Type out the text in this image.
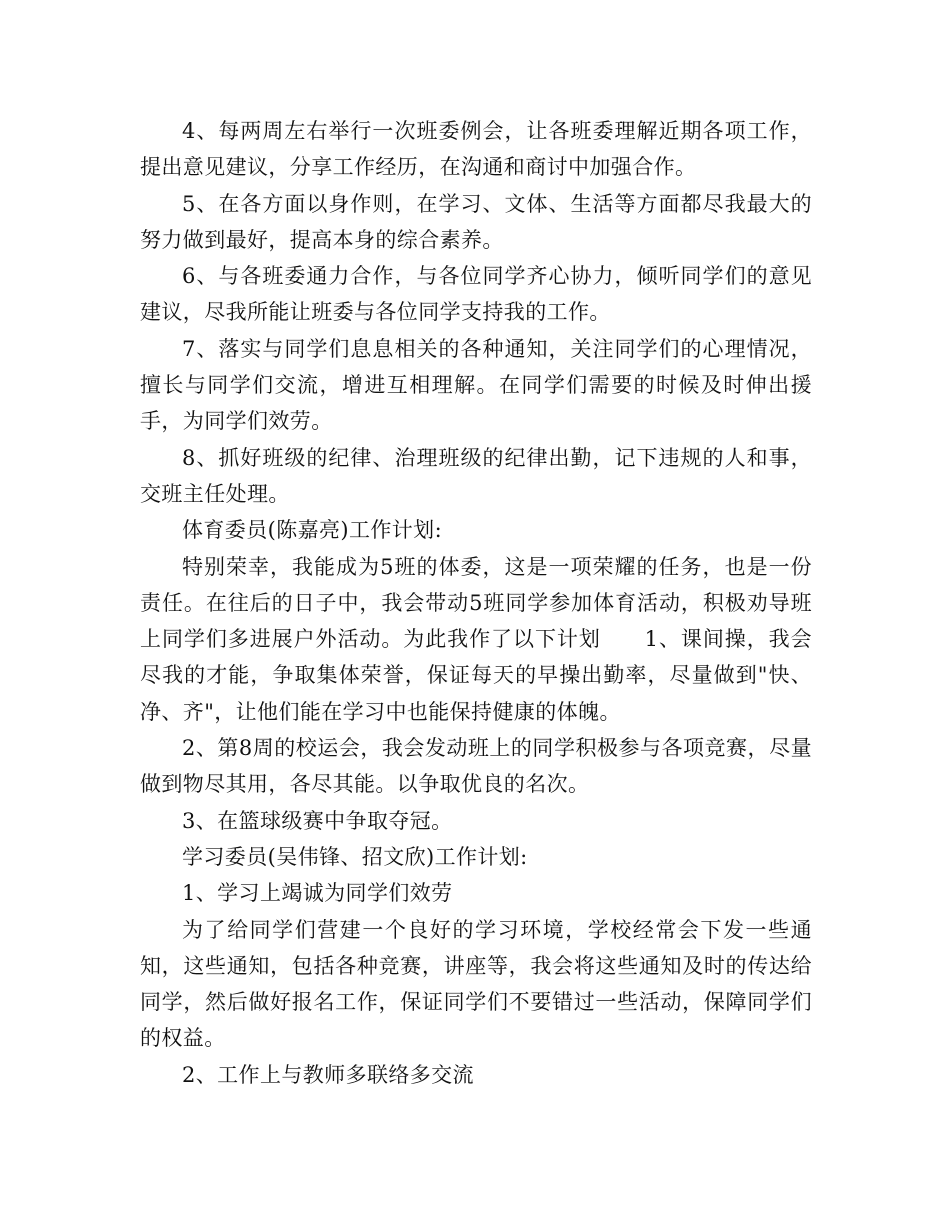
4、每两周左右举行一次班委例会，让各班委理解近期各项工作，提出意见建议，分享工作经历，在沟通和商讨中加强合作。

5、在各方面以身作则，在学习、文体、生活等方面都尽我最大的努力做到最好，提高本身的综合素养。

6、与各班委通力合作，与各位同学齐心协力，倾听同学们的意见建议，尽我所能让班委与各位同学支持我的工作。

7、落实与同学们息息相关的各种通知，关注同学们的心理情况，擅长与同学们交流，增进互相理解。在同学们需要的时候及时伸出援手，为同学们效劳。

8、抓好班级的纪律、治理班级的纪律出勤，记下违规的人和事，交班主任处理。

体育委员(陈嘉亮)工作计划:

特别荣幸，我能成为5班的体委，这是一项荣耀的任务，也是一份责任。在往后的日子中，我会带动5班同学参加体育活动，积极劝导班上同学们多进展户外活动。为此我作了以下计划　　1、课间操，我会尽我的才能，争取集体荣誉，保证每天的早操出勤率，尽量做到"快、净、齐"，让他们能在学习中也能保持健康的体魄。

2、第8周的校运会，我会发动班上的同学积极参与各项竞赛，尽量做到物尽其用，各尽其能。以争取优良的名次。

3、在篮球级赛中争取夺冠。

学习委员(吴伟锋、招文欣)工作计划:

1、学习上竭诚为同学们效劳

为了给同学们营建一个良好的学习环境，学校经常会下发一些通知，这些通知，包括各种竞赛，讲座等，我会将这些通知及时的传达给同学，然后做好报名工作，保证同学们不要错过一些活动，保障同学们的权益。

2、工作上与教师多联络多交流
